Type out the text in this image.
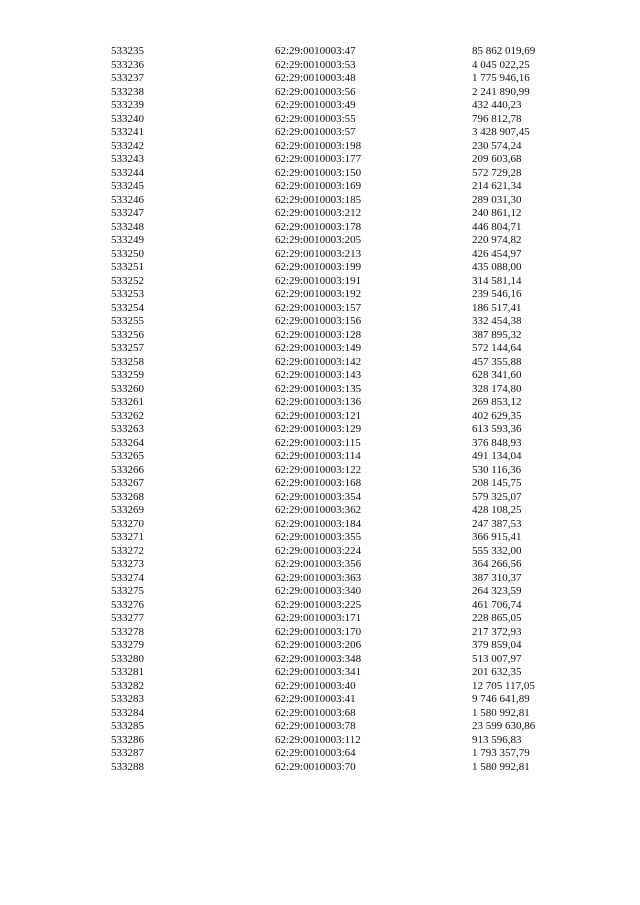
533235	62:29:0010003:47	85 862 019,69
533236	62:29:0010003:53	4 045 022,25
533237	62:29:0010003:48	1 775 946,16
533238	62:29:0010003:56	2 241 890,99
533239	62:29:0010003:49	432 440,23
533240	62:29:0010003:55	796 812,78
533241	62:29:0010003:57	3 428 907,45
533242	62:29:0010003:198	230 574,24
533243	62:29:0010003:177	209 603,68
533244	62:29:0010003:150	572 729,28
533245	62:29:0010003:169	214 621,34
533246	62:29:0010003:185	289 031,30
533247	62:29:0010003:212	240 861,12
533248	62:29:0010003:178	446 804,71
533249	62:29:0010003:205	220 974,82
533250	62:29:0010003:213	426 454,97
533251	62:29:0010003:199	435 088,00
533252	62:29:0010003:191	314 581,14
533253	62:29:0010003:192	239 546,16
533254	62:29:0010003:157	186 517,41
533255	62:29:0010003:156	332 454,38
533256	62:29:0010003:128	387 895,32
533257	62:29:0010003:149	572 144,64
533258	62:29:0010003:142	457 355,88
533259	62:29:0010003:143	628 341,60
533260	62:29:0010003:135	328 174,80
533261	62:29:0010003:136	269 853,12
533262	62:29:0010003:121	402 629,35
533263	62:29:0010003:129	613 593,36
533264	62:29:0010003:115	376 848,93
533265	62:29:0010003:114	491 134,04
533266	62:29:0010003:122	530 116,36
533267	62:29:0010003:168	208 145,75
533268	62:29:0010003:354	579 325,07
533269	62:29:0010003:362	428 108,25
533270	62:29:0010003:184	247 387,53
533271	62:29:0010003:355	366 915,41
533272	62:29:0010003:224	555 332,00
533273	62:29:0010003:356	364 266,56
533274	62:29:0010003:363	387 310,37
533275	62:29:0010003:340	264 323,59
533276	62:29:0010003:225	461 706,74
533277	62:29:0010003:171	228 865,05
533278	62:29:0010003:170	217 372,93
533279	62:29:0010003:206	379 859,04
533280	62:29:0010003:348	513 007,97
533281	62:29:0010003:341	201 632,35
533282	62:29:0010003:40	12 705 117,05
533283	62:29:0010003:41	9 746 641,89
533284	62:29:0010003:68	1 580 992,81
533285	62:29:0010003:78	23 599 630,86
533286	62:29:0010003:112	913 596,83
533287	62:29:0010003:64	1 793 357,79
533288	62:29:0010003:70	1 580 992,81
